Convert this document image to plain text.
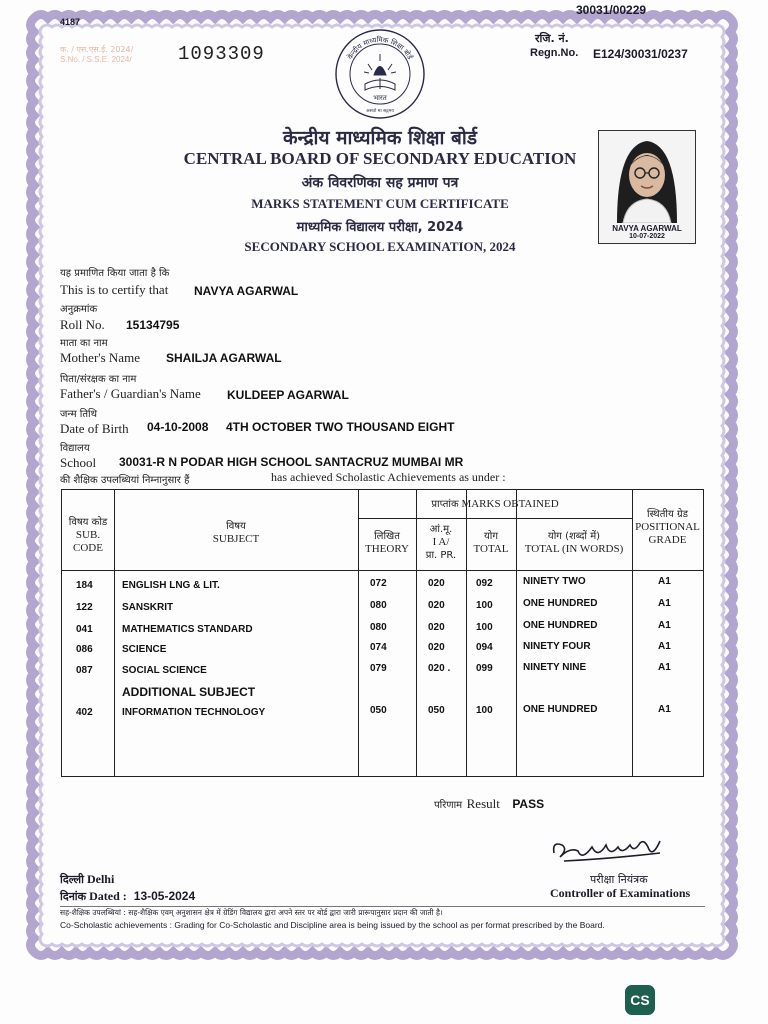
30031/00229
4187
क. / एस.एस.ई. 2024/
S.No. / S.S.E. 2024/ 1093309
रजि. नं.
Regn.No. E124/30031/0237
केन्द्रीय माध्यमिक शिक्षा बोर्ड
भारत
असतो मा सद्गमय
केन्द्रीय माध्यमिक शिक्षा बोर्ड
CENTRAL BOARD OF SECONDARY EDUCATION
अंक विवरणिका सह प्रमाण पत्र
MARKS STATEMENT CUM CERTIFICATE
माध्यमिक विद्यालय परीक्षा, 2024
SECONDARY SCHOOL EXAMINATION, 2024
NAVYA AGARWAL
10-07-2022
यह प्रमाणित किया जाता है कि
This is to certify that NAVYA AGARWAL
अनुक्रमांक
Roll No. 15134795
माता का नाम
Mother's Name SHAILJA AGARWAL
पिता/संरक्षक का नाम
Father's / Guardian's Name KULDEEP AGARWAL
जन्म तिथि
Date of Birth 04-10-2008 4TH OCTOBER TWO THOUSAND EIGHT
विद्यालय
School 30031-R N PODAR HIGH SCHOOL SANTACRUZ MUMBAI MR
की शैक्षिक उपलब्धियां निम्नानुसार हैं	has achieved Scholastic Achievements as under :
विषय कोड
SUB.
CODE
विषय
SUBJECT
प्राप्तांक MARKS OBTAINED
लिखित
THEORY
आं.मू.
I A/
प्रा. PR.
योग
TOTAL
योग (शब्दों में)
TOTAL (IN WORDS)
स्थितीय ग्रेड
POSITIONAL
GRADE
184	ENGLISH LNG & LIT.	072	020	092	NINETY TWO	A1
122	SANSKRIT	080	020	100	ONE HUNDRED	A1
041	MATHEMATICS STANDARD	080	020	100	ONE HUNDRED	A1
086	SCIENCE	074	020	094	NINETY FOUR	A1
087	SOCIAL SCIENCE	079	020 .	099	NINETY NINE	A1
ADDITIONAL SUBJECT
402	INFORMATION TECHNOLOGY	050	050	100	ONE HUNDRED	A1
परिणाम Result PASS
दिल्ली Delhi
दिनांक Dated : 13-05-2024
परीक्षा नियंत्रक
Controller of Examinations
सह-शैक्षिक उपलब्धियां : सह-शैक्षिक एवम् अनुशासन क्षेत्र में ग्रेडिंग विद्यालय द्वारा अपने स्तर पर बोर्ड द्वारा जारी प्रारूपानुसार प्रदान की जाती है।
Co-Scholastic achievements : Grading for Co-Scholastic and Discipline area is being issued by the school as per format prescribed by the Board.
CS
